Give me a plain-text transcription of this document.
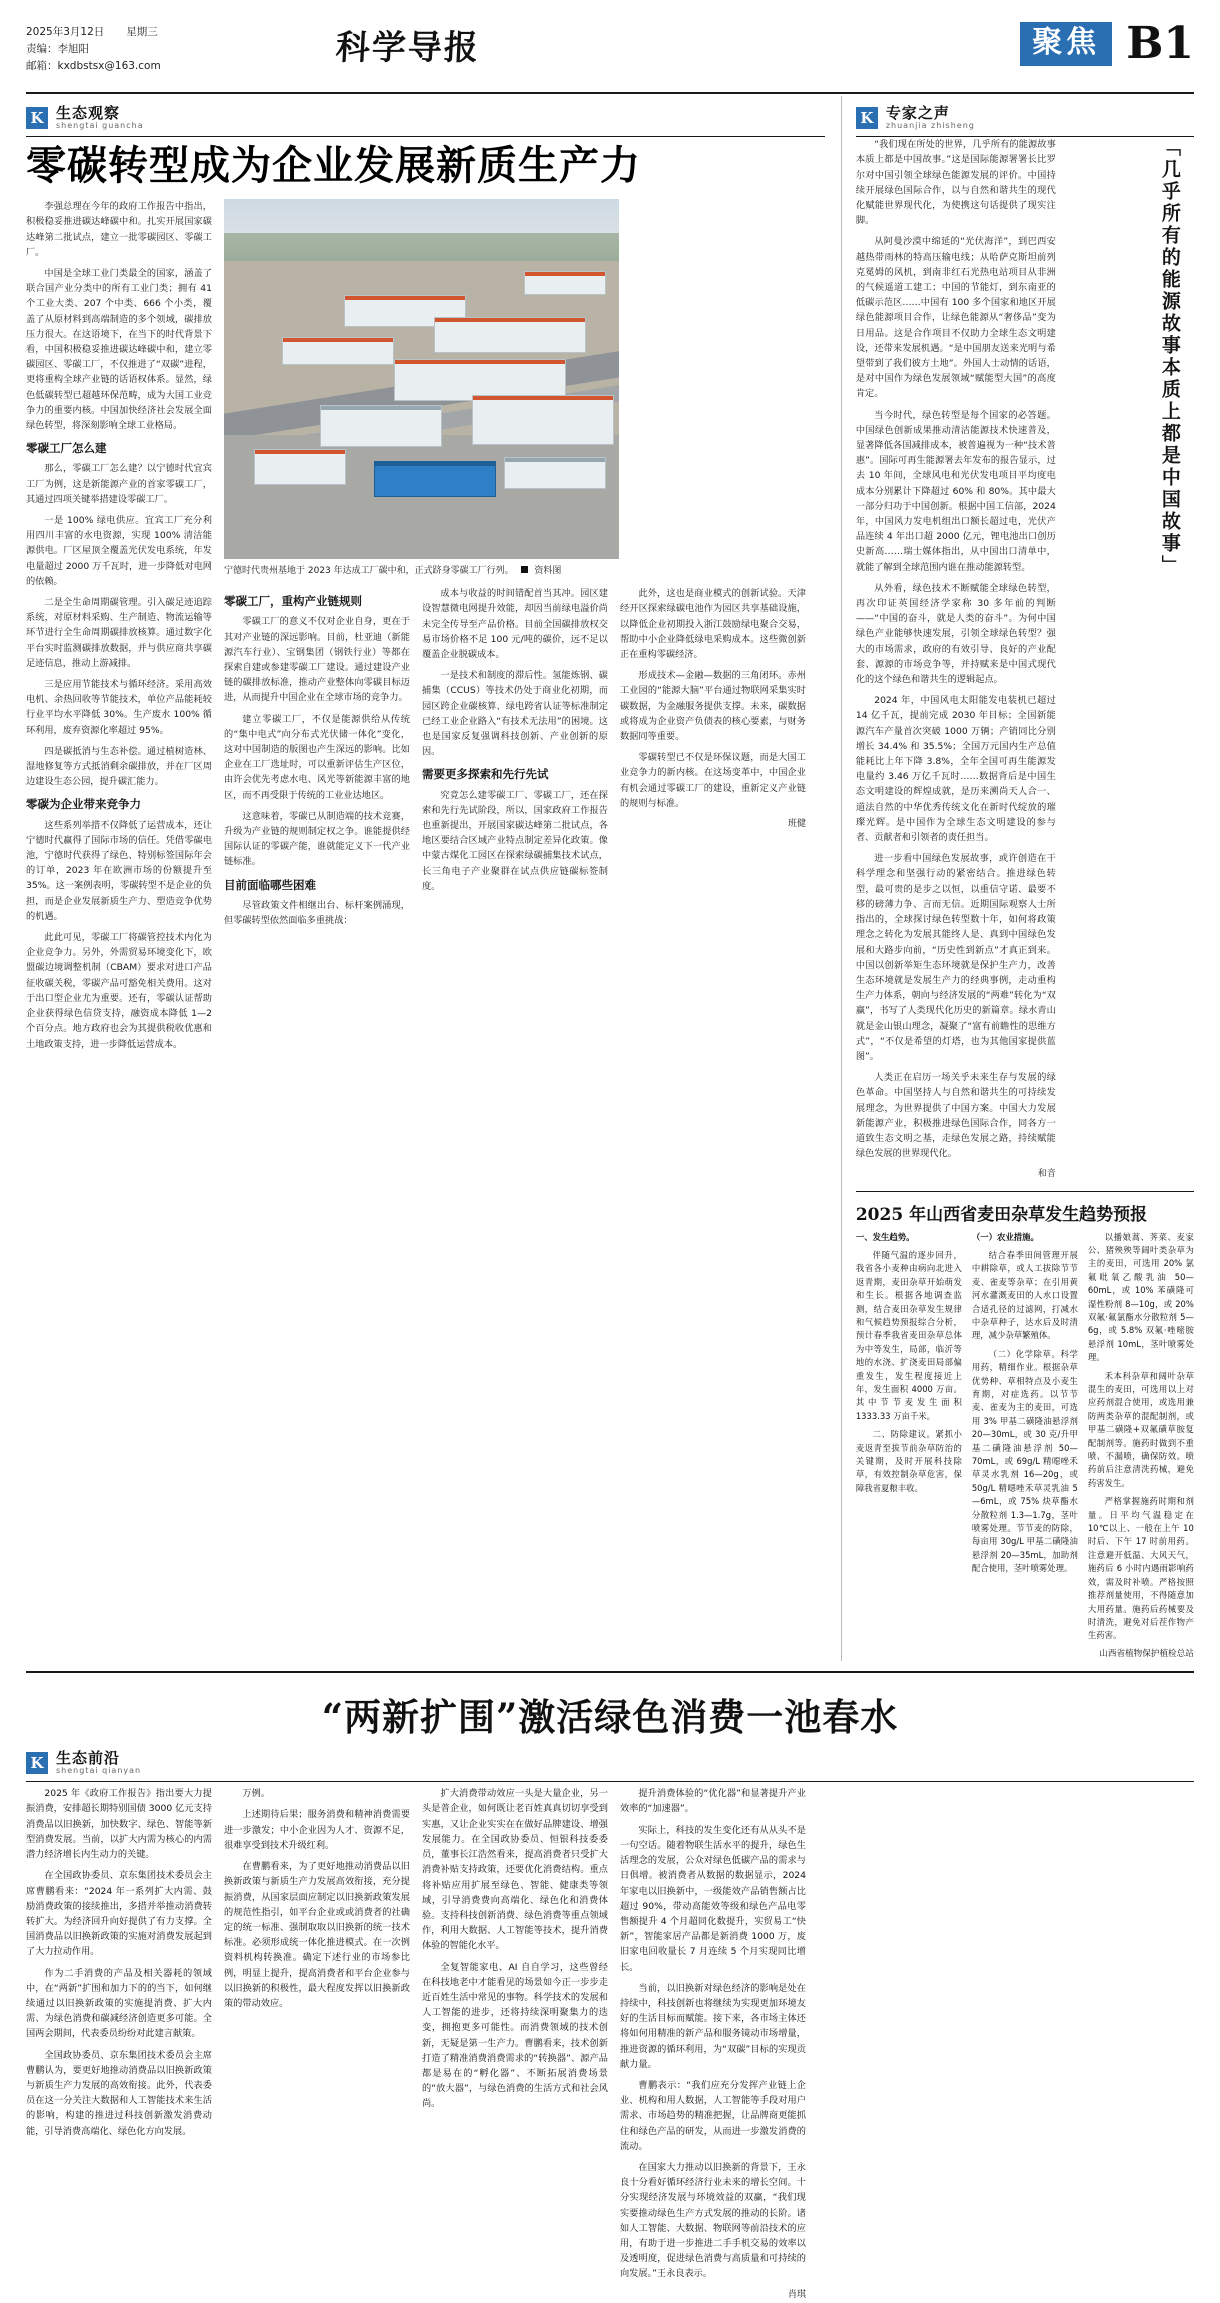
2025年3月12日 星期三
责编：李旭阳
邮箱：kxdbstsx@163.com	科学导报	聚焦 B1
K 生态观察
shengtai guancha
零碳转型成为企业发展新质生产力

李强总理在今年的政府工作报告中指出，积极稳妥推进碳达峰碳中和。扎实开展国家碳达峰第二批试点，建立一批零碳园区、零碳工厂。

中国是全球工业门类最全的国家，涵盖了联合国产业分类中的所有工业门类；拥有 41 个工业大类、207 个中类、666 个小类，覆盖了从原材料到高端制造的多个领域，碳排放压力很大。在这语境下，在当下的时代背景下看，中国积极稳妥推进碳达峰碳中和，建立零碳园区、零碳工厂，不仅推进了“双碳”进程，更将重构全球产业链的话语权体系。显然，绿色低碳转型已超越环保范畴，成为大国工业竞争力的重要内核。中国加快经济社会发展全面绿色转型，将深刻影响全球工业格局。

零碳工厂怎么建

那么，零碳工厂怎么建？以宁德时代宜宾工厂为例，这是新能源产业的首家零碳工厂，其通过四项关键举措建设零碳工厂。

一是 100% 绿电供应。宜宾工厂充分利用四川丰富的水电资源，实现 100% 清洁能源供电。厂区屋顶全覆盖光伏发电系统，年发电量超过 2000 万千瓦时，进一步降低对电网的依赖。

二是全生命周期碳管理。引入碳足迹追踪系统，对原材料采购、生产制造、物流运输等环节进行全生命周期碳排放核算。通过数字化平台实时监测碳排放数据，并与供应商共享碳足迹信息，推动上游减排。

三是应用节能技术与循环经济。采用高效电机、余热回收等节能技术，单位产品能耗较行业平均水平降低 30%。生产废水 100% 循环利用，废弃资源化率超过 95%。

四是碳抵消与生态补偿。通过植树造林、湿地修复等方式抵消剩余碳排放，并在厂区周边建设生态公园，提升碳汇能力。

零碳为企业带来竞争力

这些系列举措不仅降低了运营成本，还让宁德时代赢得了国际市场的信任。凭借零碳电池，宁德时代获得了绿色、特别标签国际年会的订单，2023 年在欧洲市场的份额提升至 35%。这一案例表明，零碳转型不是企业的负担，而是企业发展新质生产力、塑造竞争优势的机遇。

此此可见，零碳工厂将碳管控技术内化为企业竞争力。另外，外需贸易环境变化下，欧盟碳边境调整机制（CBAM）要求对进口产品征收碳关税，零碳产品可豁免相关费用。这对于出口型企业尤为重要。还有，零碳认证帮助企业获得绿色信贷支持，融资成本降低 1—2 个百分点。地方政府也会为其提供税收优惠和土地政策支持，进一步降低运营成本。

宁德时代贵州基地于 2023 年达成工厂碳中和，正式跻身零碳工厂行列。 资料图
零碳工厂，重构产业链规则

零碳工厂的意义不仅对企业自身，更在于其对产业链的深远影响。目前，杜亚迪（新能源汽车行业）、宝钢集团（钢铁行业）等都在探索自建或参建零碳工厂建设。通过建设产业链的碳排放标准，推动产业整体向零碳目标迈进，从而提升中国企业在全球市场的竞争力。

建立零碳工厂，不仅是能源供给从传统的“集中电式”向分布式光伏储一体化”变化，这对中国制造的版图也产生深远的影响。比如企业在工厂选址时，可以重新评估生产区位，由许会优先考虑水电、风光等新能源丰富的地区，而不再受限于传统的工业业达地区。

这意味着，零碳已从制造端的技术竞赛，升级为产业链的规则制定权之争。谁能提供经国际认证的零碳产能，谁就能定义下一代产业链标准。

目前面临哪些困难

尽管政策文件相继出台、标杆案例涌现，但零碳转型依然面临多重挑战：

成本与收益的时间错配首当其冲。园区建设智慧微电网提升效能，却因当前绿电溢价尚未完全传导至产品价格。目前全国碳排放权交易市场价格不足 100 元/吨的碳价，远不足以覆盖企业脱碳成本。

一是技术和制度的滞后性。氢能炼钢、碳捕集（CCUS）等技术仍处于商业化初期，而园区跨企业碳核算、绿电跨省认证等标准制定已经工业企业路入“有技术无法用”的困境。这也是国家反复强调科技创新、产业创新的原因。

需要更多探索和先行先试

究竟怎么建零碳工厂、零碳工厂，还在探索和先行先试阶段，所以，国家政府工作报告也重新提出，开展国家碳达峰第二批试点，各地区要结合区域产业特点制定差异化政策。像中蒙古煤化工园区在探索绿碳捕集技术试点，长三角电子产业聚群在试点供应链碳标签制度。

此外，这也是商业模式的创新试验。天津经开区探索绿碳电池作为园区共享基础设施，以降低企业初期投入浙江鼓励绿电聚合交易，帮助中小企业降低绿电采购成本。这些微创新正在重构零碳经济。

形成技术—金融—数据的三角闭环。赤州工业园的“能源大脑”平台通过物联网采集实时碳数据，为金融服务提供支撑。未来，碳数据或将成为企业资产负债表的核心要素，与财务数据同等重要。

零碳转型已不仅是环保议题，而是大国工业竞争力的新内核。在这场变革中，中国企业有机会通过零碳工厂的建设，重新定义产业链的规则与标准。

班健
K 专家之声
zhuanjia zhisheng

“我们现在所处的世界，几乎所有的能源故事本质上都是中国故事。”这是国际能源署署长比罗尔对中国引领全球绿色能源发展的评价。中国持续开展绿色国际合作，以与自然和谐共生的现代化赋能世界现代化，为使携这句话提供了现实注脚。

从阿曼沙漠中绵延的“光伏海洋”，到巴西安越热带雨林的特高压输电线；从哈萨克斯坦前列克冕姆的风机，到南非红石光热电站项目从非洲的气候遥道工建工；中国的节能灯，到东南亚的低碳示范区……中国有 100 多个国家和地区开展绿色能源项目合作，让绿色能源从“奢侈品”变为日用品。这是合作项目不仅助力全球生态文明建设，还带来发展机遇。“是中国朋友送来光明与希望带到了我们彼方土地”。外国人士动情的话语，是对中国作为绿色发展领域“赋能型大国”的高度肯定。

当今时代，绿色转型是每个国家的必答题。中国绿色创新成果推动清洁能源技术快速普及，显著降低各国减排成本，被普遍视为一种“技术普惠”。国际可再生能源署去年发布的报告显示，过去 10 年间，全球风电和光伏发电项目平均度电成本分别累计下降超过 60% 和 80%。其中最大一部分归功于中国创新。根据中国工信部，2024 年，中国风力发电机组出口额长超过电，光伏产品连续 4 年出口超 2000 亿元，锂电池出口创历史新高……瑞士媒体指出，从中国出口清单中，就能了解到全球范围内谁在推动能源转型。

从外看，绿色技术不断赋能全球绿色转型，再次印证英国经济学家称 30 多年前的判断——“中国的奋斗，就是人类的奋斗”。为何中国绿色产业能够快速发展，引领全球绿色转型？强大的市场需求，政府的有效引导、良好的产业配套、源源的市场竞争等，并持赋来是中国式现代化的这个绿色和谐共生的逻辑起点。

2024 年，中国风电太阳能发电装机已超过 14 亿千瓦，提前完成 2030 年目标；全国新能源汽车产量首次突破 1000 万辆；产销同比分别增长 34.4% 和 35.5%；全国万元国内生产总值能耗比上年下降 3.8%，全年全国可再生能源发电量约 3.46 万亿千瓦时……数据背后是中国生态文明建设的辉煌成就，是历来溯尚天人合一、道法自然的中华优秀传统文化在新时代绽放的璀璨光辉。是中国作为全球生态文明建设的参与者、贡献者和引领者的责任担当。

进一步看中国绿色发展故事，或许创造在干科学理念和坚强行动的紧密结合。推进绿色转型，最可贵的是步之以恒，以重信守诺、最要不移的磅薄力争、言而无信。近期国际观察人士所指出的，全球探讨绿色转型数十年，如何将政策理念之转化为发展其能终人是、真到中国绿色发展和大路步向前，“历史性到新点”才真正到来。中国以创新举矩生态环境就是保护生产力，改善生态环境就是发展生产力的经典事例，走动重构生产力体系，朝向与经济发展的“两难”转化为“双赢”，书写了人类现代化历史的新篇章。绿水青山就是金山银山理念，凝聚了“富有前瞻性的思维方式”，“不仅是希望的灯塔，也为其他国家提供蓝图”。

人类正在启历一场关乎未来生存与发展的绿色革命。中国坚持人与自然和谐共生的可持续发展理念，为世界提供了中国方案。中国大力发展新能源产业，积极推进绿色国际合作，同各方一道致生态文明之基，走绿色发展之路，持续赋能绿色发展的世界现代化。

和音
「几乎所有的能源故事本质上都是中国故事」
2025 年山西省麦田杂草发生趋势预报

一、发生趋势。

伴随气温的逐步回升，我省各小麦种由病向北进入返青期，麦田杂草开始萌发和生长。根据各地调查监测，结合麦田杂草发生规律和气候趋势预报综合分析，预计春季我省麦田杂草总体为中等发生，局部，临沂等地的水浇、扩浇麦田局部偏重发生，发生程度接近上年，发生面积 4000 万亩。其中节节麦发生面积 1333.33 万亩千米。

二、防除建议。紧抓小麦返青至拔节前杂草防治的关键期，及时开展科技除草，有效控制杂草危害，保障我省夏粮丰收。

（一）农业措施。

结合春季田间管理开展中耕除草，或人工拔除节节麦、雀麦等杂草；在引用黄河水灌溉麦田的人水口设置合适孔径的过滤网，打减水中杂草种子，达水后及时清理，减少杂草繁殖体。

（二）化学除草。科学用药，精细作业。根据杂草优势种、草相特点及小麦生育期，对症选药。以节节麦、雀麦为主的麦田，可选用 3% 甲基二磺隆油悬浮剂 20—30mL，或 30 克/升甲基二磺隆油悬浮剂 50—70mL，或 69g/L 精噁唑禾草灵水乳剂 16—20g，或 50g/L 精噁唑禾草灵乳油 5—6mL，或 75% 炔草酯水分散粒剂 1.3—1.7g，茎叶喷雾处理。节节麦的防除，每亩用 30g/L 甲基二磺隆油悬浮剂 20—35mL，加助剂配合使用，茎叶喷雾处理。

以播娘蒿、荠菜、麦家公、猪殃殃等阔叶类杂草为主的麦田，可选用 20% 氯氟吡氧乙酸乳油 50—60mL，或 10% 苯磺隆可湿性粉剂 8—10g，或 20% 双氟·氟氯酯水分散粒剂 5—6g，或 5.8% 双氟·唑嘧胺悬浮剂 10mL，茎叶喷雾处理。

禾本科杂草和阔叶杂草混生的麦田，可选用以上对应药剂混合使用，或选用兼防两类杂草的混配制剂，或甲基二磺隆+双氟磺草胺复配制剂等。施药时做到不重喷、不漏喷，确保防效。喷药前后注意清洗药械，避免药害发生。

严格掌握施药时期和剂量。日平均气温稳定在 10℃以上、一般在上午 10 时后、下午 17 时前用药。注意避开低温、大风天气，施药后 6 小时内遇雨影响药效，需及时补喷。严格按照推荐剂量使用，不得随意加大用药量。施药后药械要及时清洗，避免对后茬作物产生药害。

山西省植物保护植检总站
“两新扩围”激活绿色消费一池春水
K 生态前沿
shengtai qianyan

2025 年《政府工作报告》指出要大力提振消费，安排超长期特别国债 3000 亿元支持消费品以旧换新，加快数字、绿色、智能等新型消费发展。当前，以扩大内需为核心的内需潜力经济增长内生动力的关键。

在全国政协委员、京东集团技术委员会主席曹鹏看来：“2024 年一系列扩大内需、鼓励消费政策的接续推出，多措并举推动消费转转扩大。为经济回升向好提供了有力支撑。全国消费品以旧换新政策的实施对消费发展起到了大力拉动作用。

作为二手消费的产品及相关器耗的领域中，在“两新”扩围和加力下的的当下，如何继续通过以旧换新政策的实施提消费、扩大内需、为绿色消费和碳减经济创造更多可能。全国两会期间，代表委员纷纷对此建言献策。

全国政协委员、京东集团技术委员会主席曹鹏认为，要更好地推动消费品以旧换新政策与新质生产力发展的高效衔接。此外，代表委员在这一分关注大数据和人工智能技术来生活的影响，构建的推进过科技创新激发消费动能，引导消费高端化、绿色化方向发展。

万例。

上述期待后果；服务消费和精神消费需要进一步激发；中小企业因为人才、资源不足，很难享受到技术升级红利。

在曹鹏看来，为了更好地推动消费品以旧换新政策与新质生产力发展高效衔接，充分提振消费，从国家层面应制定以旧换新政策发展的规范性指引，如平台企业或或消费者的社确定的统一标准、强制取取以旧换新的统一技术标准。必须形成统一体化推进模式。在一次例资料机构转换准。确定下述行业的市场参比例，明显上提升，提高消费者和平台企业参与以旧换新的积极性，最大程度发挥以旧换新政策的带动效应。

扩大消费带动效应一头是大量企业，另一头是普企业，如何既让老百姓真真切切享受到实惠，又让企业实实在在做好品牌建设、增强发展能力。在全国政协委员、恒银科技委委员，董事长江浩然看来，提高消费者只受扩大消费补贴支持政策，还要优化消费结构。重点将补贴应用扩展至绿色、智能、健康类等领域，引导消费费向高端化、绿色化和消费体验。支持科技创新消费、绿色消费等重点领域作，利用大数据、人工智能等技术，提升消费体验的智能化水平。

全复智能家电、AI 自自学习，这些曾经在科技地老中才能看见的场景如今正一步步走近百姓生活中常见的事物。科学技术的发展和人工智能的进步，还将持续深明聚集力的迭变，拥抱更多可能性。而消费领域的技术创新，无疑是第一生产力。曹鹏看来，技术创新打造了精准消费消费需求的“转换器”、源产品都是易在的“孵化器”、不断拓展消费场景的“放大器”，与绿色消费的生活方式和社会风尚。

提升消费体验的“优化器”和显著提升产业效率的“加速器”。

实际上，科技的发生变化还有从从头不是一句空话。随着物联生活水平的提升，绿色生活理念的发展，公众对绿色低碳产品的需求与日俱增。被消费者从数据的数据显示，2024 年家电以旧换新中，一级能效产品销售额占比超过 90%，带动高能效等级和绿色产品电零售额提升 4 个月超同化数提升，实贸易工“快新”，智能家居产品都是新消费 1000 万，废旧家电回收量长 7 月连续 5 个月实现同比增长。

当前，以旧换新对绿色经济的影响是处在持续中，科技创新也将继续为实现更加环境友好的生活目标而赋能。接下来，各市场主体还将如何用精准的新产品和服务镜动市场增量，推进资源的循环利用，为“双碳”目标的实现贡献力量。

曹鹏表示：“我们应充分发挥产业链上企业、机构和用人数据，人工智能等手段对用户需求、市场趋势的精准把握，让品牌商更能抓住和绿色产品的研发，从而进一步激发消费的流动。

在国家大力推动以旧换新的背景下，王永良十分看好循环经济行业未来的增长空间。十分实现经济发展与环境效益的双赢，“我们现实要推动绿色生产方式发展的推动的长阶。诸如人工智能、大数据、物联网等前沿技术的应用，有助于进一步推进二手手机交易的效率以及透明度，促进绿色消费与高质量和可持续的向发展。”王永良表示。

肖琪
